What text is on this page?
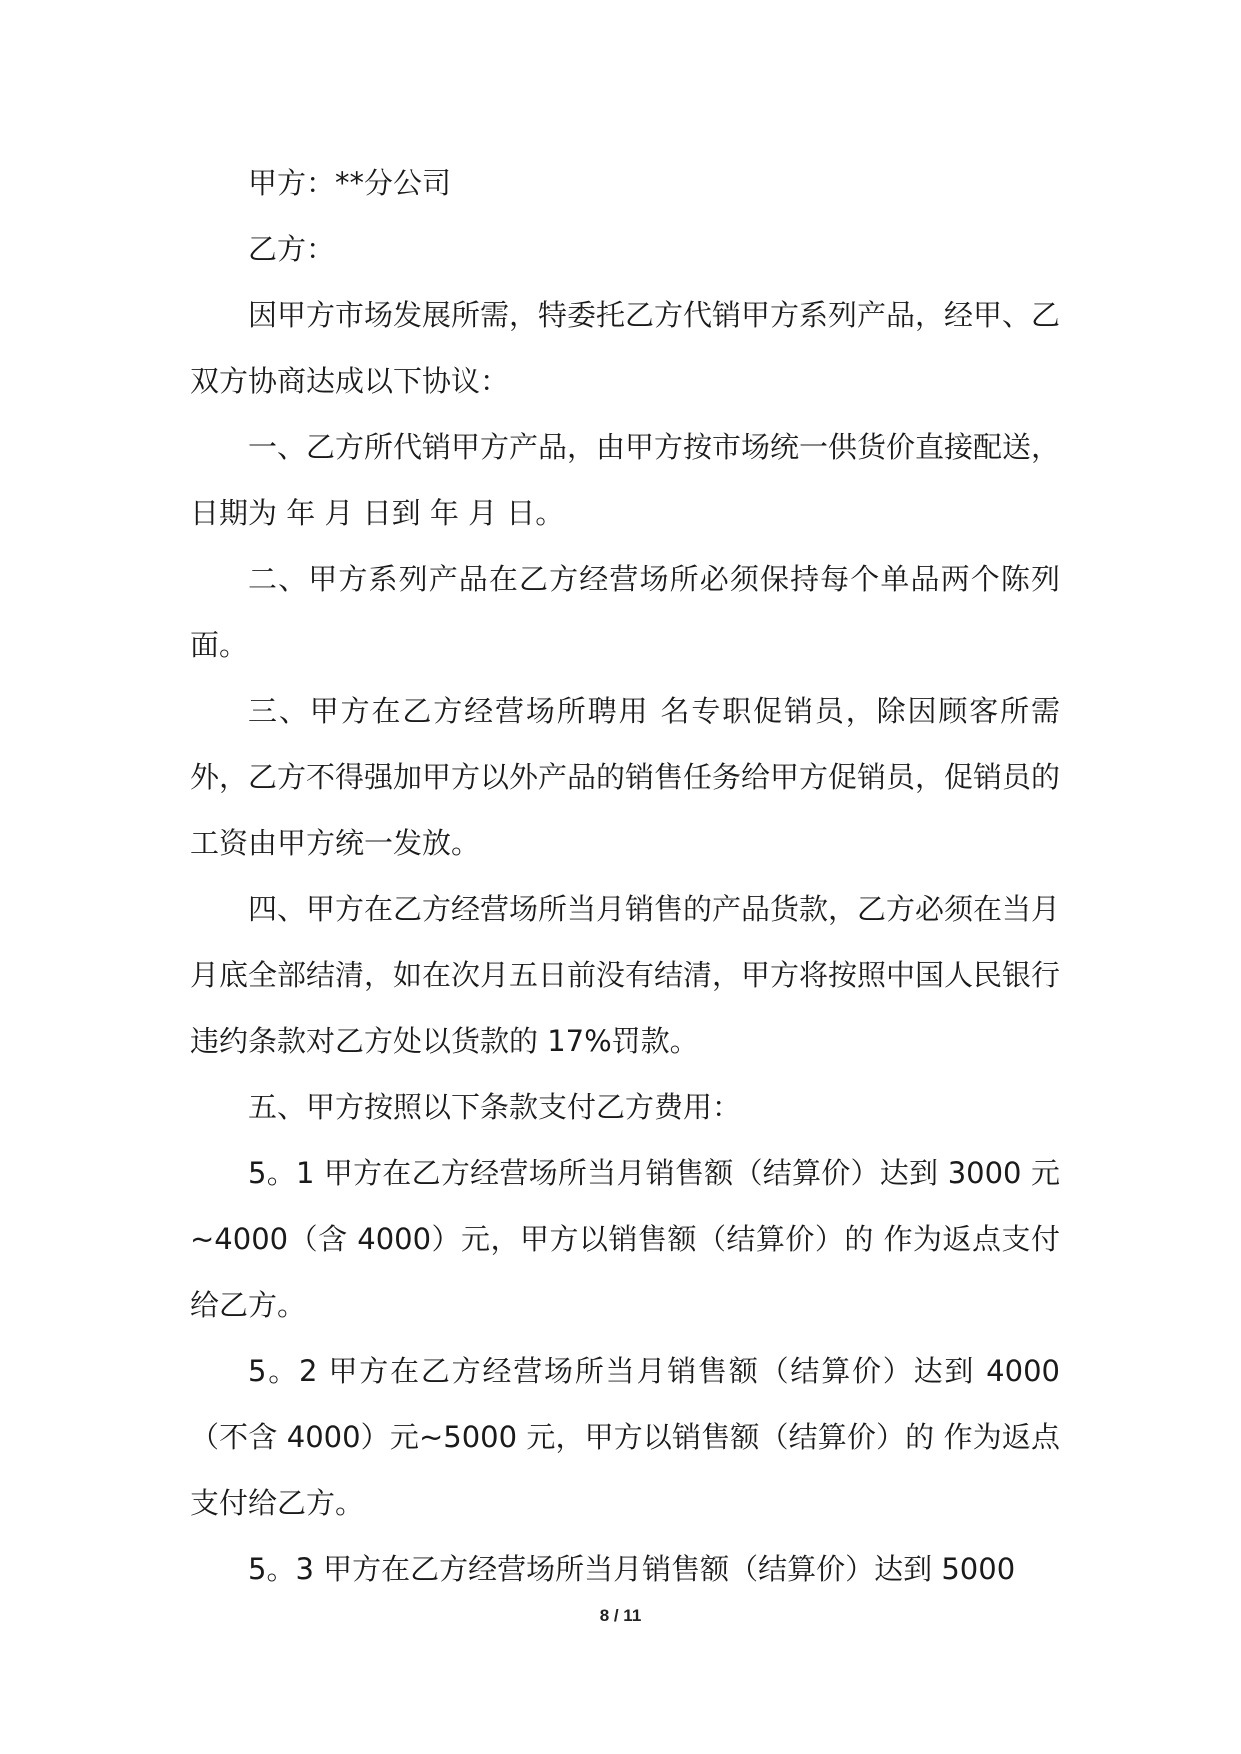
甲方：**分公司

乙方：

因甲方市场发展所需，特委托乙方代销甲方系列产品，经甲、乙双方协商达成以下协议：

一、乙方所代销甲方产品，由甲方按市场统一供货价直接配送，日期为 年 月 日到 年 月 日。

二、甲方系列产品在乙方经营场所必须保持每个单品两个陈列面。

三、甲方在乙方经营场所聘用 名专职促销员，除因顾客所需外，乙方不得强加甲方以外产品的销售任务给甲方促销员，促销员的工资由甲方统一发放。

四、甲方在乙方经营场所当月销售的产品货款，乙方必须在当月月底全部结清，如在次月五日前没有结清，甲方将按照中国人民银行违约条款对乙方处以货款的 17%罚款。

五、甲方按照以下条款支付乙方费用：

5。1 甲方在乙方经营场所当月销售额（结算价）达到 3000 元~4000（含 4000）元，甲方以销售额（结算价）的 作为返点支付给乙方。

5。2 甲方在乙方经营场所当月销售额（结算价）达到 4000（不含 4000）元~5000 元，甲方以销售额（结算价）的 作为返点支付给乙方。

5。3 甲方在乙方经营场所当月销售额（结算价）达到 5000

8 / 11
